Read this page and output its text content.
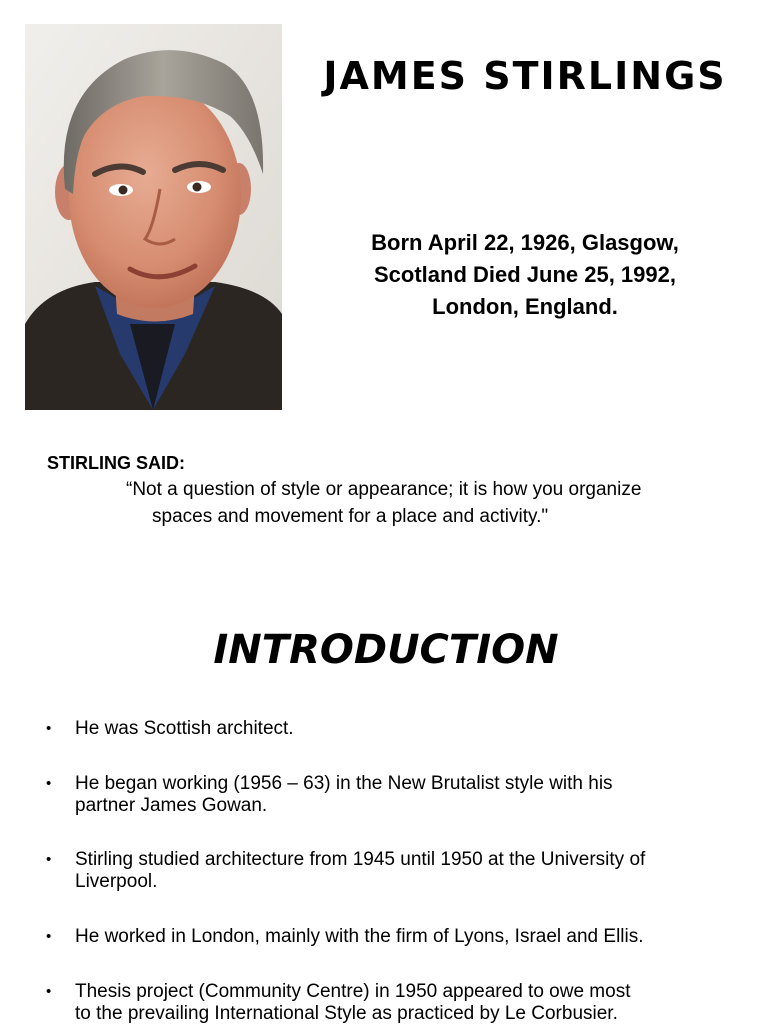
JAMES STIRLINGS
Born April 22, 1926, Glasgow,
Scotland Died June 25, 1992,
London, England.
STIRLING SAID:
“Not a question of style or appearance; it is how you organize
spaces and movement for a place and activity."
INTRODUCTION
• He was Scottish architect.
• He began working (1956 – 63) in the New Brutalist style with his
partner James Gowan.
• Stirling studied architecture from 1945 until 1950 at the University of
Liverpool.
• He worked in London, mainly with the firm of Lyons, Israel and Ellis.
• Thesis project (Community Centre) in 1950 appeared to owe most
to the prevailing International Style as practiced by Le Corbusier.
